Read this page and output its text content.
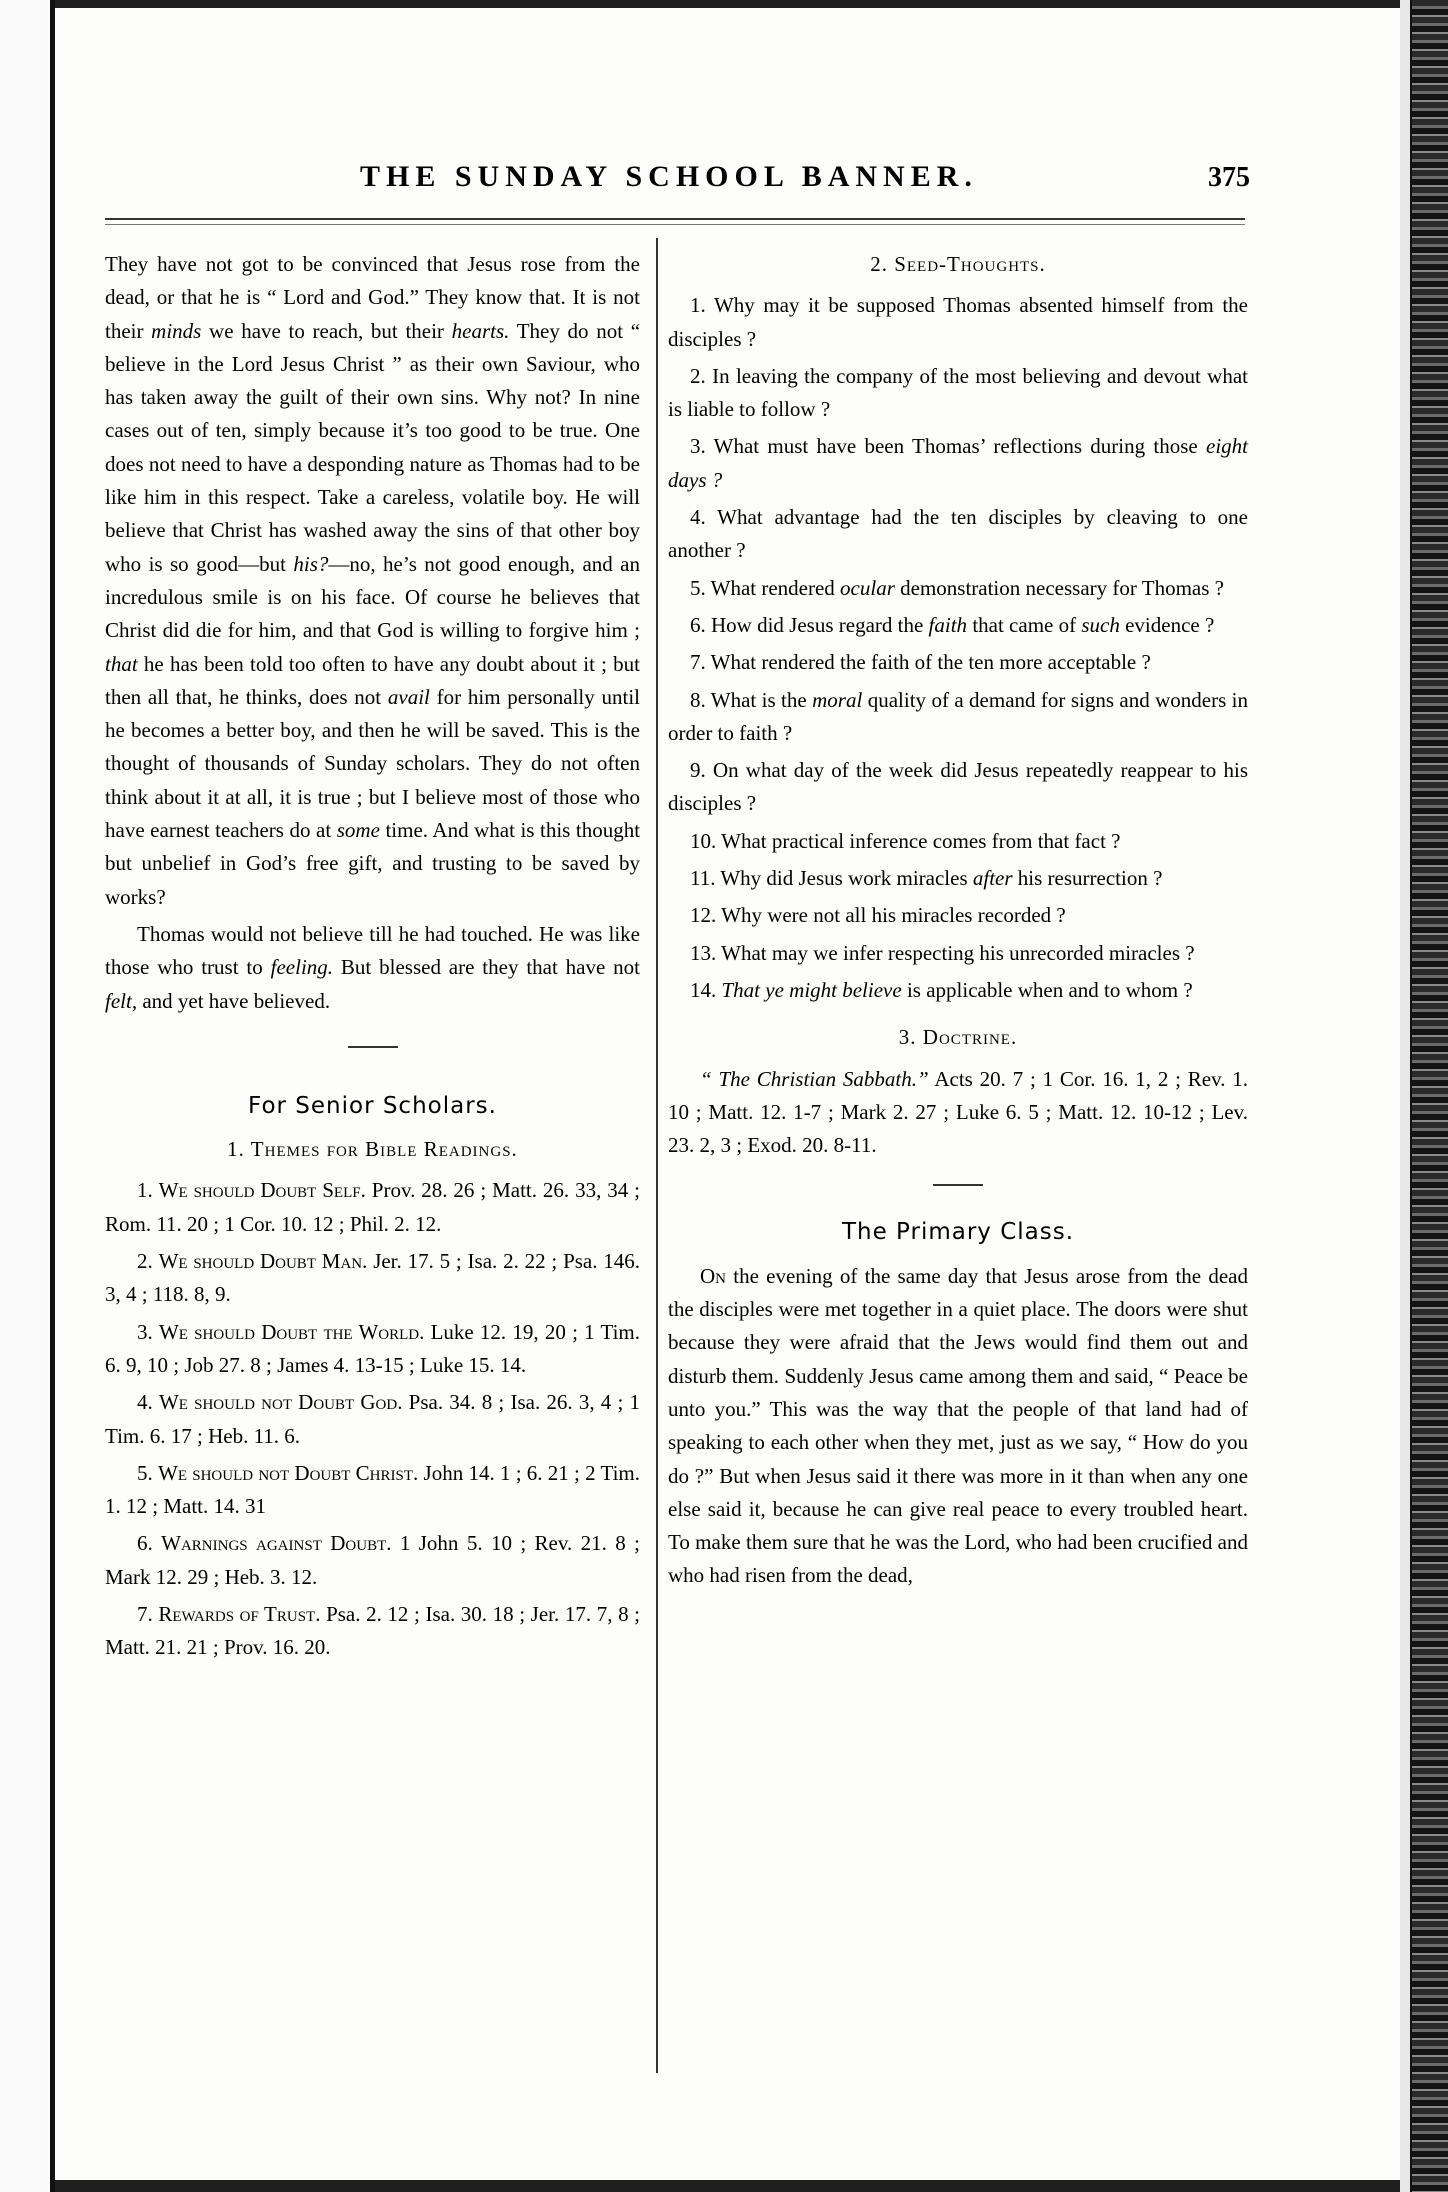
THE SUNDAY SCHOOL BANNER.	375

They have not got to be convinced that Jesus rose from the dead, or that he is “ Lord and God.” They know that. It is not their minds we have to reach, but their hearts. They do not “ believe in the Lord Jesus Christ ” as their own Saviour, who has taken away the guilt of their own sins. Why not? In nine cases out of ten, simply because it’s too good to be true. One does not need to have a desponding nature as Thomas had to be like him in this respect. Take a careless, volatile boy. He will believe that Christ has washed away the sins of that other boy who is so good—but his?—no, he’s not good enough, and an incredulous smile is on his face. Of course he believes that Christ did die for him, and that God is willing to forgive him ; that he has been told too often to have any doubt about it ; but then all that, he thinks, does not avail for him personally until he becomes a better boy, and then he will be saved. This is the thought of thousands of Sunday scholars. They do not often think about it at all, it is true ; but I believe most of those who have earnest teachers do at some time. And what is this thought but unbelief in God’s free gift, and trusting to be saved by works?

Thomas would not believe till he had touched. He was like those who trust to feeling. But blessed are they that have not felt, and yet have believed.

For Senior Scholars.
1. Themes for Bible Readings.

1. We should Doubt Self. Prov. 28. 26 ; Matt. 26. 33, 34 ; Rom. 11. 20 ; 1 Cor. 10. 12 ; Phil. 2. 12.

2. We should Doubt Man. Jer. 17. 5 ; Isa. 2. 22 ; Psa. 146. 3, 4 ; 118. 8, 9.

3. We should Doubt the World. Luke 12. 19, 20 ; 1 Tim. 6. 9, 10 ; Job 27. 8 ; James 4. 13-15 ; Luke 15. 14.

4. We should not Doubt God. Psa. 34. 8 ; Isa. 26. 3, 4 ; 1 Tim. 6. 17 ; Heb. 11. 6.

5. We should not Doubt Christ. John 14. 1 ; 6. 21 ; 2 Tim. 1. 12 ; Matt. 14. 31

6. Warnings against Doubt. 1 John 5. 10 ; Rev. 21. 8 ; Mark 12. 29 ; Heb. 3. 12.

7. Rewards of Trust. Psa. 2. 12 ; Isa. 30. 18 ; Jer. 17. 7, 8 ; Matt. 21. 21 ; Prov. 16. 20.

2. Seed-Thoughts.

1. Why may it be supposed Thomas absented himself from the disciples ?

2. In leaving the company of the most believing and devout what is liable to follow ?

3. What must have been Thomas’ reflections during those eight days ?

4. What advantage had the ten disciples by cleaving to one another ?

5. What rendered ocular demonstration necessary for Thomas ?

6. How did Jesus regard the faith that came of such evidence ?

7. What rendered the faith of the ten more acceptable ?

8. What is the moral quality of a demand for signs and wonders in order to faith ?

9. On what day of the week did Jesus repeatedly reappear to his disciples ?

10. What practical inference comes from that fact ?

11. Why did Jesus work miracles after his resurrection ?

12. Why were not all his miracles recorded ?

13. What may we infer respecting his unrecorded miracles ?

14. That ye might believe is applicable when and to whom ?

3. Doctrine.

“ The Christian Sabbath.” Acts 20. 7 ; 1 Cor. 16. 1, 2 ; Rev. 1. 10 ; Matt. 12. 1-7 ; Mark 2. 27 ; Luke 6. 5 ; Matt. 12. 10-12 ; Lev. 23. 2, 3 ; Exod. 20. 8-11.

The Primary Class.

On the evening of the same day that Jesus arose from the dead the disciples were met together in a quiet place. The doors were shut because they were afraid that the Jews would find them out and disturb them. Suddenly Jesus came among them and said, “ Peace be unto you.” This was the way that the people of that land had of speaking to each other when they met, just as we say, “ How do you do ?” But when Jesus said it there was more in it than when any one else said it, because he can give real peace to every troubled heart. To make them sure that he was the Lord, who had been crucified and who had risen from the dead,
